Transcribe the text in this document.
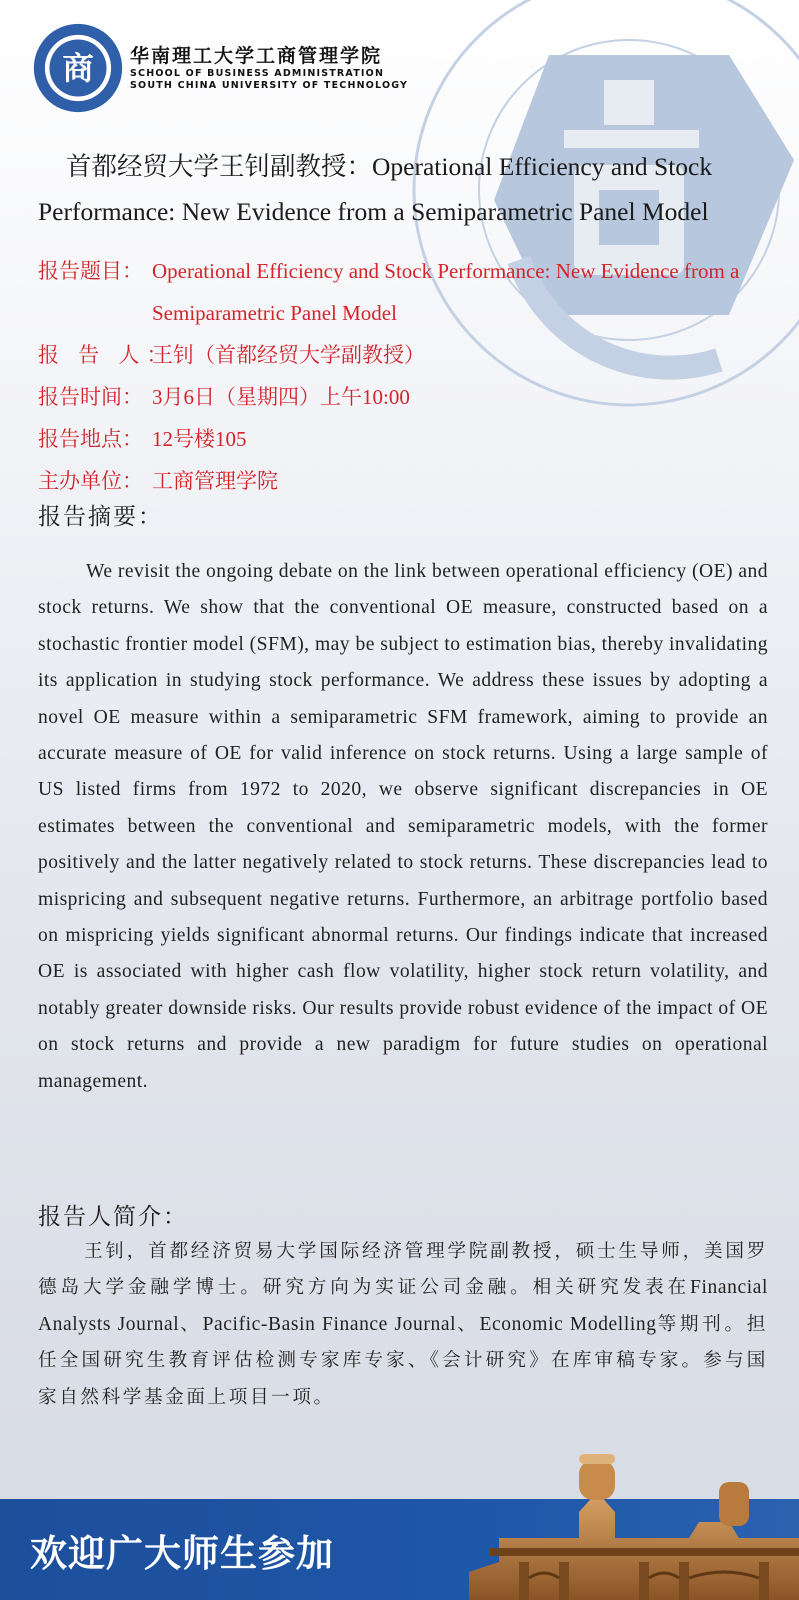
商 华南理工大学工商管理学院
SCHOOL OF BUSINESS ADMINISTRATION
SOUTH CHINA UNIVERSITY OF TECHNOLOGY
首都经贸大学王钊副教授：Operational Efficiency and Stock Performance: New Evidence from a Semiparametric Panel Model
报告题目： Operational Efficiency and Stock Performance: New Evidence from a Semiparametric Panel Model
报 告 人：
王钊（首都经贸大学副教授）
报告时间： 3月6日（星期四）上午10:00
报告地点： 12号楼105
主办单位： 工商管理学院
报告摘要：
We revisit the ongoing debate on the link between operational efficiency (OE) and stock returns. We show that the conventional OE measure, constructed based on a stochastic frontier model (SFM), may be subject to estimation bias, thereby invalidating its application in studying stock performance. We address these issues by adopting a novel OE measure within a semiparametric SFM framework, aiming to provide an accurate measure of OE for valid inference on stock returns. Using a large sample of US listed firms from 1972 to 2020, we observe significant discrepancies in OE estimates between the conventional and semiparametric models, with the former positively and the latter negatively related to stock returns. These discrepancies lead to mispricing and subsequent negative returns. Furthermore, an arbitrage portfolio based on mispricing yields significant abnormal returns. Our findings indicate that increased OE is associated with higher cash flow volatility, higher stock return volatility, and notably greater downside risks. Our results provide robust evidence of the impact of OE on stock returns and provide a new paradigm for future studies on operational management.
报告人简介：
王钊，首都经济贸易大学国际经济管理学院副教授，硕士生导师，美国罗德岛大学金融学博士。研究方向为实证公司金融。相关研究发表在Financial Analysts Journal、Pacific-Basin Finance Journal、Economic Modelling等期刊。担任全国研究生教育评估检测专家库专家、《会计研究》在库审稿专家。参与国家自然科学基金面上项目一项。
欢迎广大师生参加
